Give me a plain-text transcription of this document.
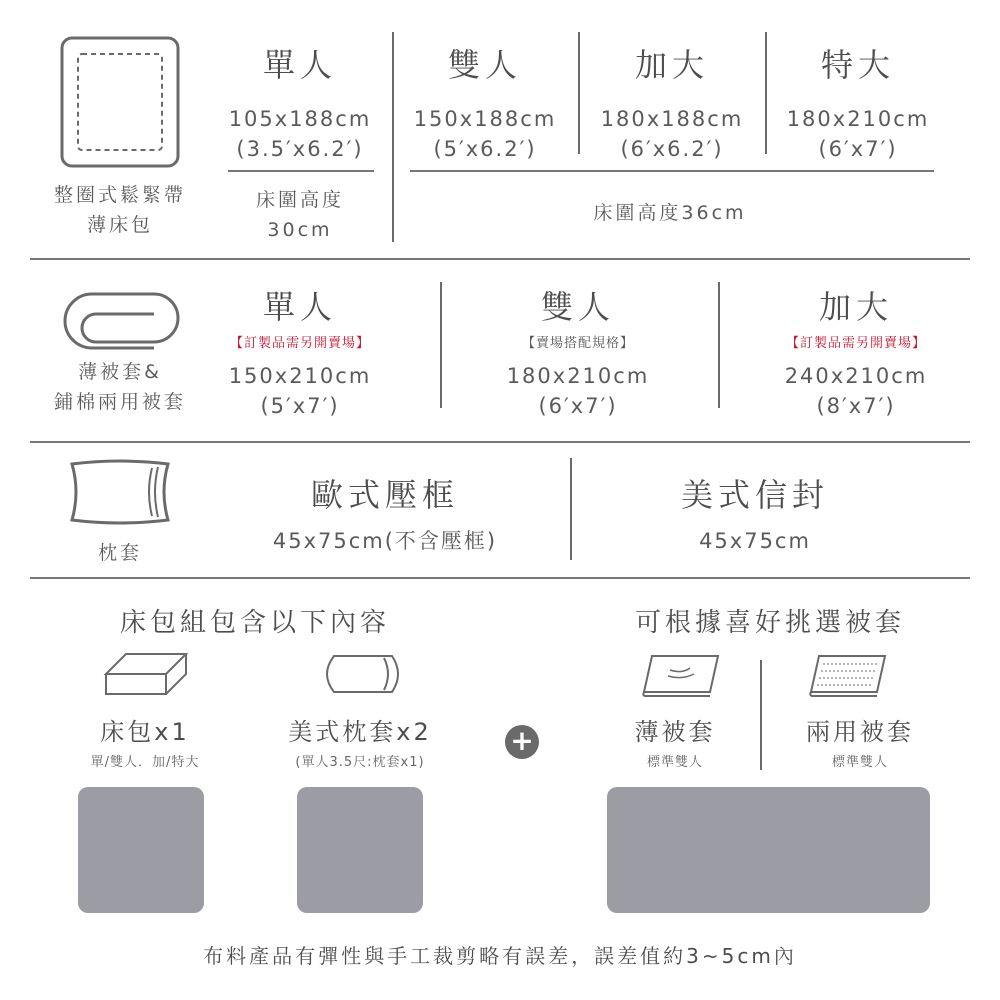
整圈式鬆緊帶
薄床包
單人
105x188cm
(3.5′x6.2′)
雙人
150x188cm
(5′x6.2′)
加大
180x188cm
(6′x6.2′)
特大
180x210cm
(6′x7′)
床圍高度
30cm
床圍高度36cm
薄被套&
鋪棉兩用被套
單人
【訂製品需另開賣場】
150x210cm
(5′x7′)
雙人
【賣場搭配規格】
180x210cm
(6′x7′)
加大
【訂製品需另開賣場】
240x210cm
(8′x7′)
枕套
歐式壓框
45x75cm(不含壓框)
美式信封
45x75cm
床包組包含以下內容	可根據喜好挑選被套
床包x1
單/雙人．加/特大
美式枕套x2
(單人3.5尺:枕套x1)
+	薄被套
標準雙人
兩用被套
標準雙人
布料產品有彈性與手工裁剪略有誤差，誤差值約3~5cm內
